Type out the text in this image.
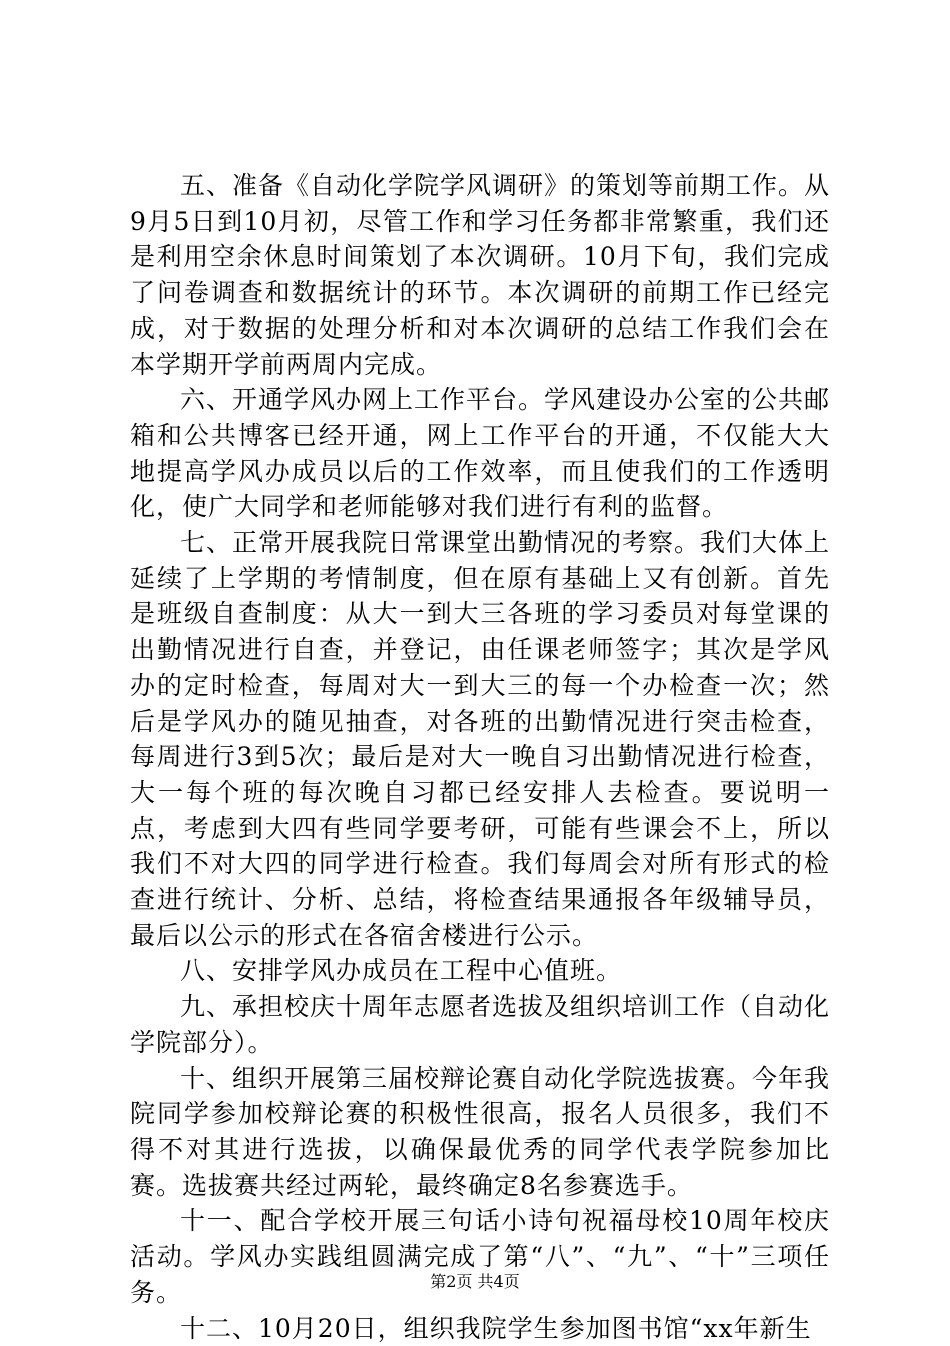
五、准备《自动化学院学风调研》的策划等前期工作。从9月5日到10月初，尽管工作和学习任务都非常繁重，我们还是利用空余休息时间策划了本次调研。10月下旬，我们完成了问卷调查和数据统计的环节。本次调研的前期工作已经完成，对于数据的处理分析和对本次调研的总结工作我们会在本学期开学前两周内完成。

六、开通学风办网上工作平台。学风建设办公室的公共邮箱和公共博客已经开通，网上工作平台的开通，不仅能大大地提高学风办成员以后的工作效率，而且使我们的工作透明化，使广大同学和老师能够对我们进行有利的监督。

七、正常开展我院日常课堂出勤情况的考察。我们大体上延续了上学期的考情制度，但在原有基础上又有创新。首先是班级自查制度：从大一到大三各班的学习委员对每堂课的出勤情况进行自查，并登记，由任课老师签字；其次是学风办的定时检查，每周对大一到大三的每一个办检查一次；然后是学风办的随见抽查，对各班的出勤情况进行突击检查，每周进行3到5次；最后是对大一晚自习出勤情况进行检查，大一每个班的每次晚自习都已经安排人去检查。要说明一点，考虑到大四有些同学要考研，可能有些课会不上，所以我们不对大四的同学进行检查。我们每周会对所有形式的检查进行统计、分析、总结，将检查结果通报各年级辅导员，最后以公示的形式在各宿舍楼进行公示。

八、安排学风办成员在工程中心值班。

九、承担校庆十周年志愿者选拔及组织培训工作（自动化学院部分）。

十、组织开展第三届校辩论赛自动化学院选拔赛。今年我院同学参加校辩论赛的积极性很高，报名人员很多，我们不得不对其进行选拔，以确保最优秀的同学代表学院参加比赛。选拔赛共经过两轮，最终确定8名参赛选手。

十一、配合学校开展三句话小诗句祝福母校10周年校庆活动。学风办实践组圆满完成了第“八”、“九”、“十”三项任务。

十二、10月20日，组织我院学生参加图书馆“xx年新生

第2页 共4页
